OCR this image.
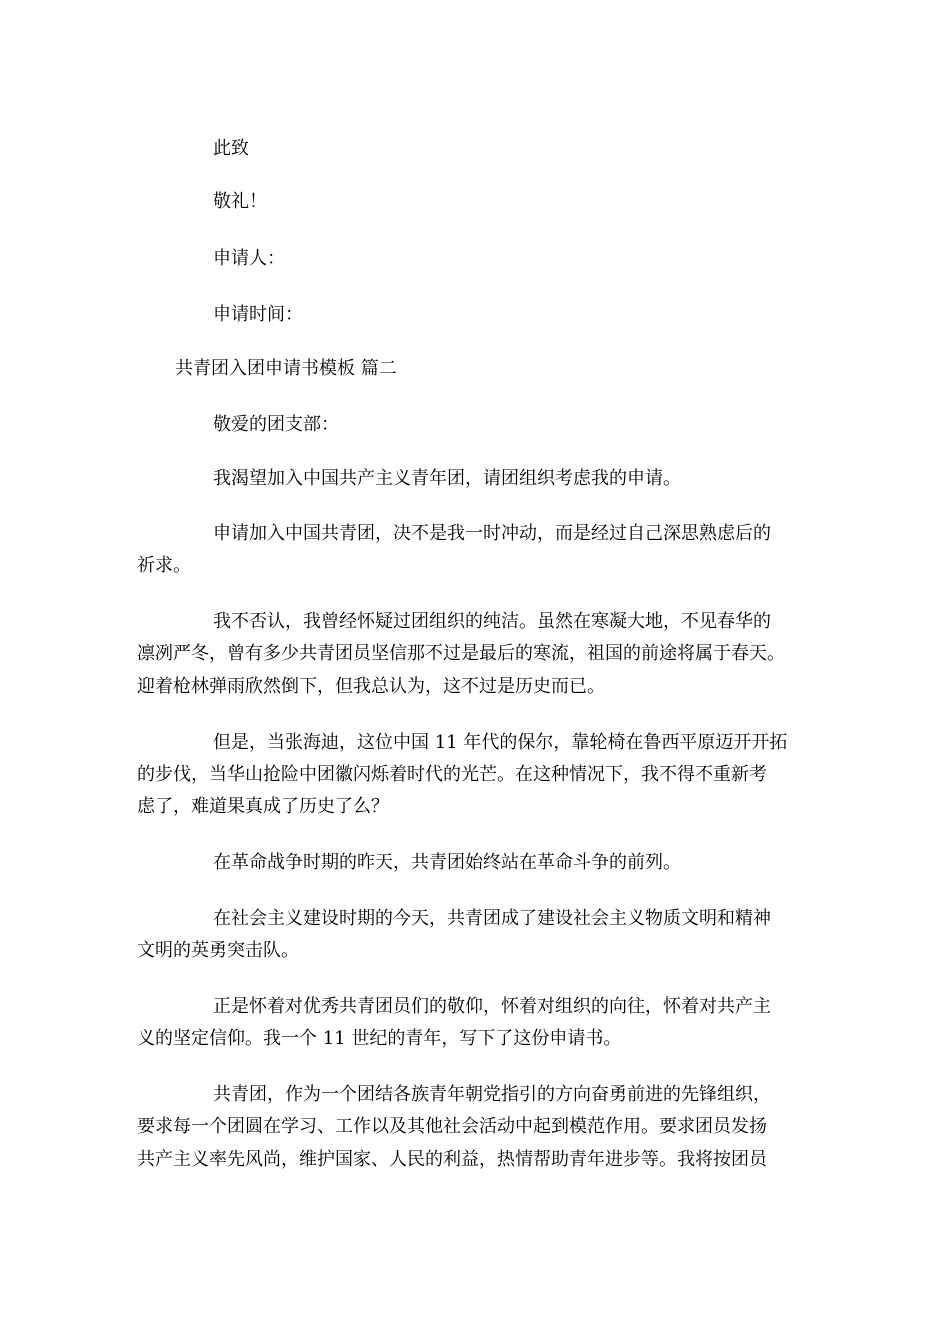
此致
敬礼！
申请人：
申请时间：
共青团入团申请书模板 篇二
敬爱的团支部：
我渴望加入中国共产主义青年团，请团组织考虑我的申请。
申请加入中国共青团，决不是我一时冲动，而是经过自己深思熟虑后的
祈求。
我不否认，我曾经怀疑过团组织的纯洁。虽然在寒凝大地，不见春华的
凛冽严冬，曾有多少共青团员坚信那不过是最后的寒流，祖国的前途将属于春天。
迎着枪林弹雨欣然倒下，但我总认为，这不过是历史而已。
但是，当张海迪，这位中国 11 年代的保尔，靠轮椅在鲁西平原迈开开拓
的步伐，当华山抢险中团徽闪烁着时代的光芒。在这种情况下，我不得不重新考
虑了，难道果真成了历史了么？
在革命战争时期的昨天，共青团始终站在革命斗争的前列。
在社会主义建设时期的今天，共青团成了建设社会主义物质文明和精神
文明的英勇突击队。
正是怀着对优秀共青团员们的敬仰，怀着对组织的向往，怀着对共产主
义的坚定信仰。我一个 11 世纪的青年，写下了这份申请书。
共青团，作为一个团结各族青年朝党指引的方向奋勇前进的先锋组织，
要求每一个团圆在学习、工作以及其他社会活动中起到模范作用。要求团员发扬
共产主义率先风尚，维护国家、人民的利益，热情帮助青年进步等。我将按团员
